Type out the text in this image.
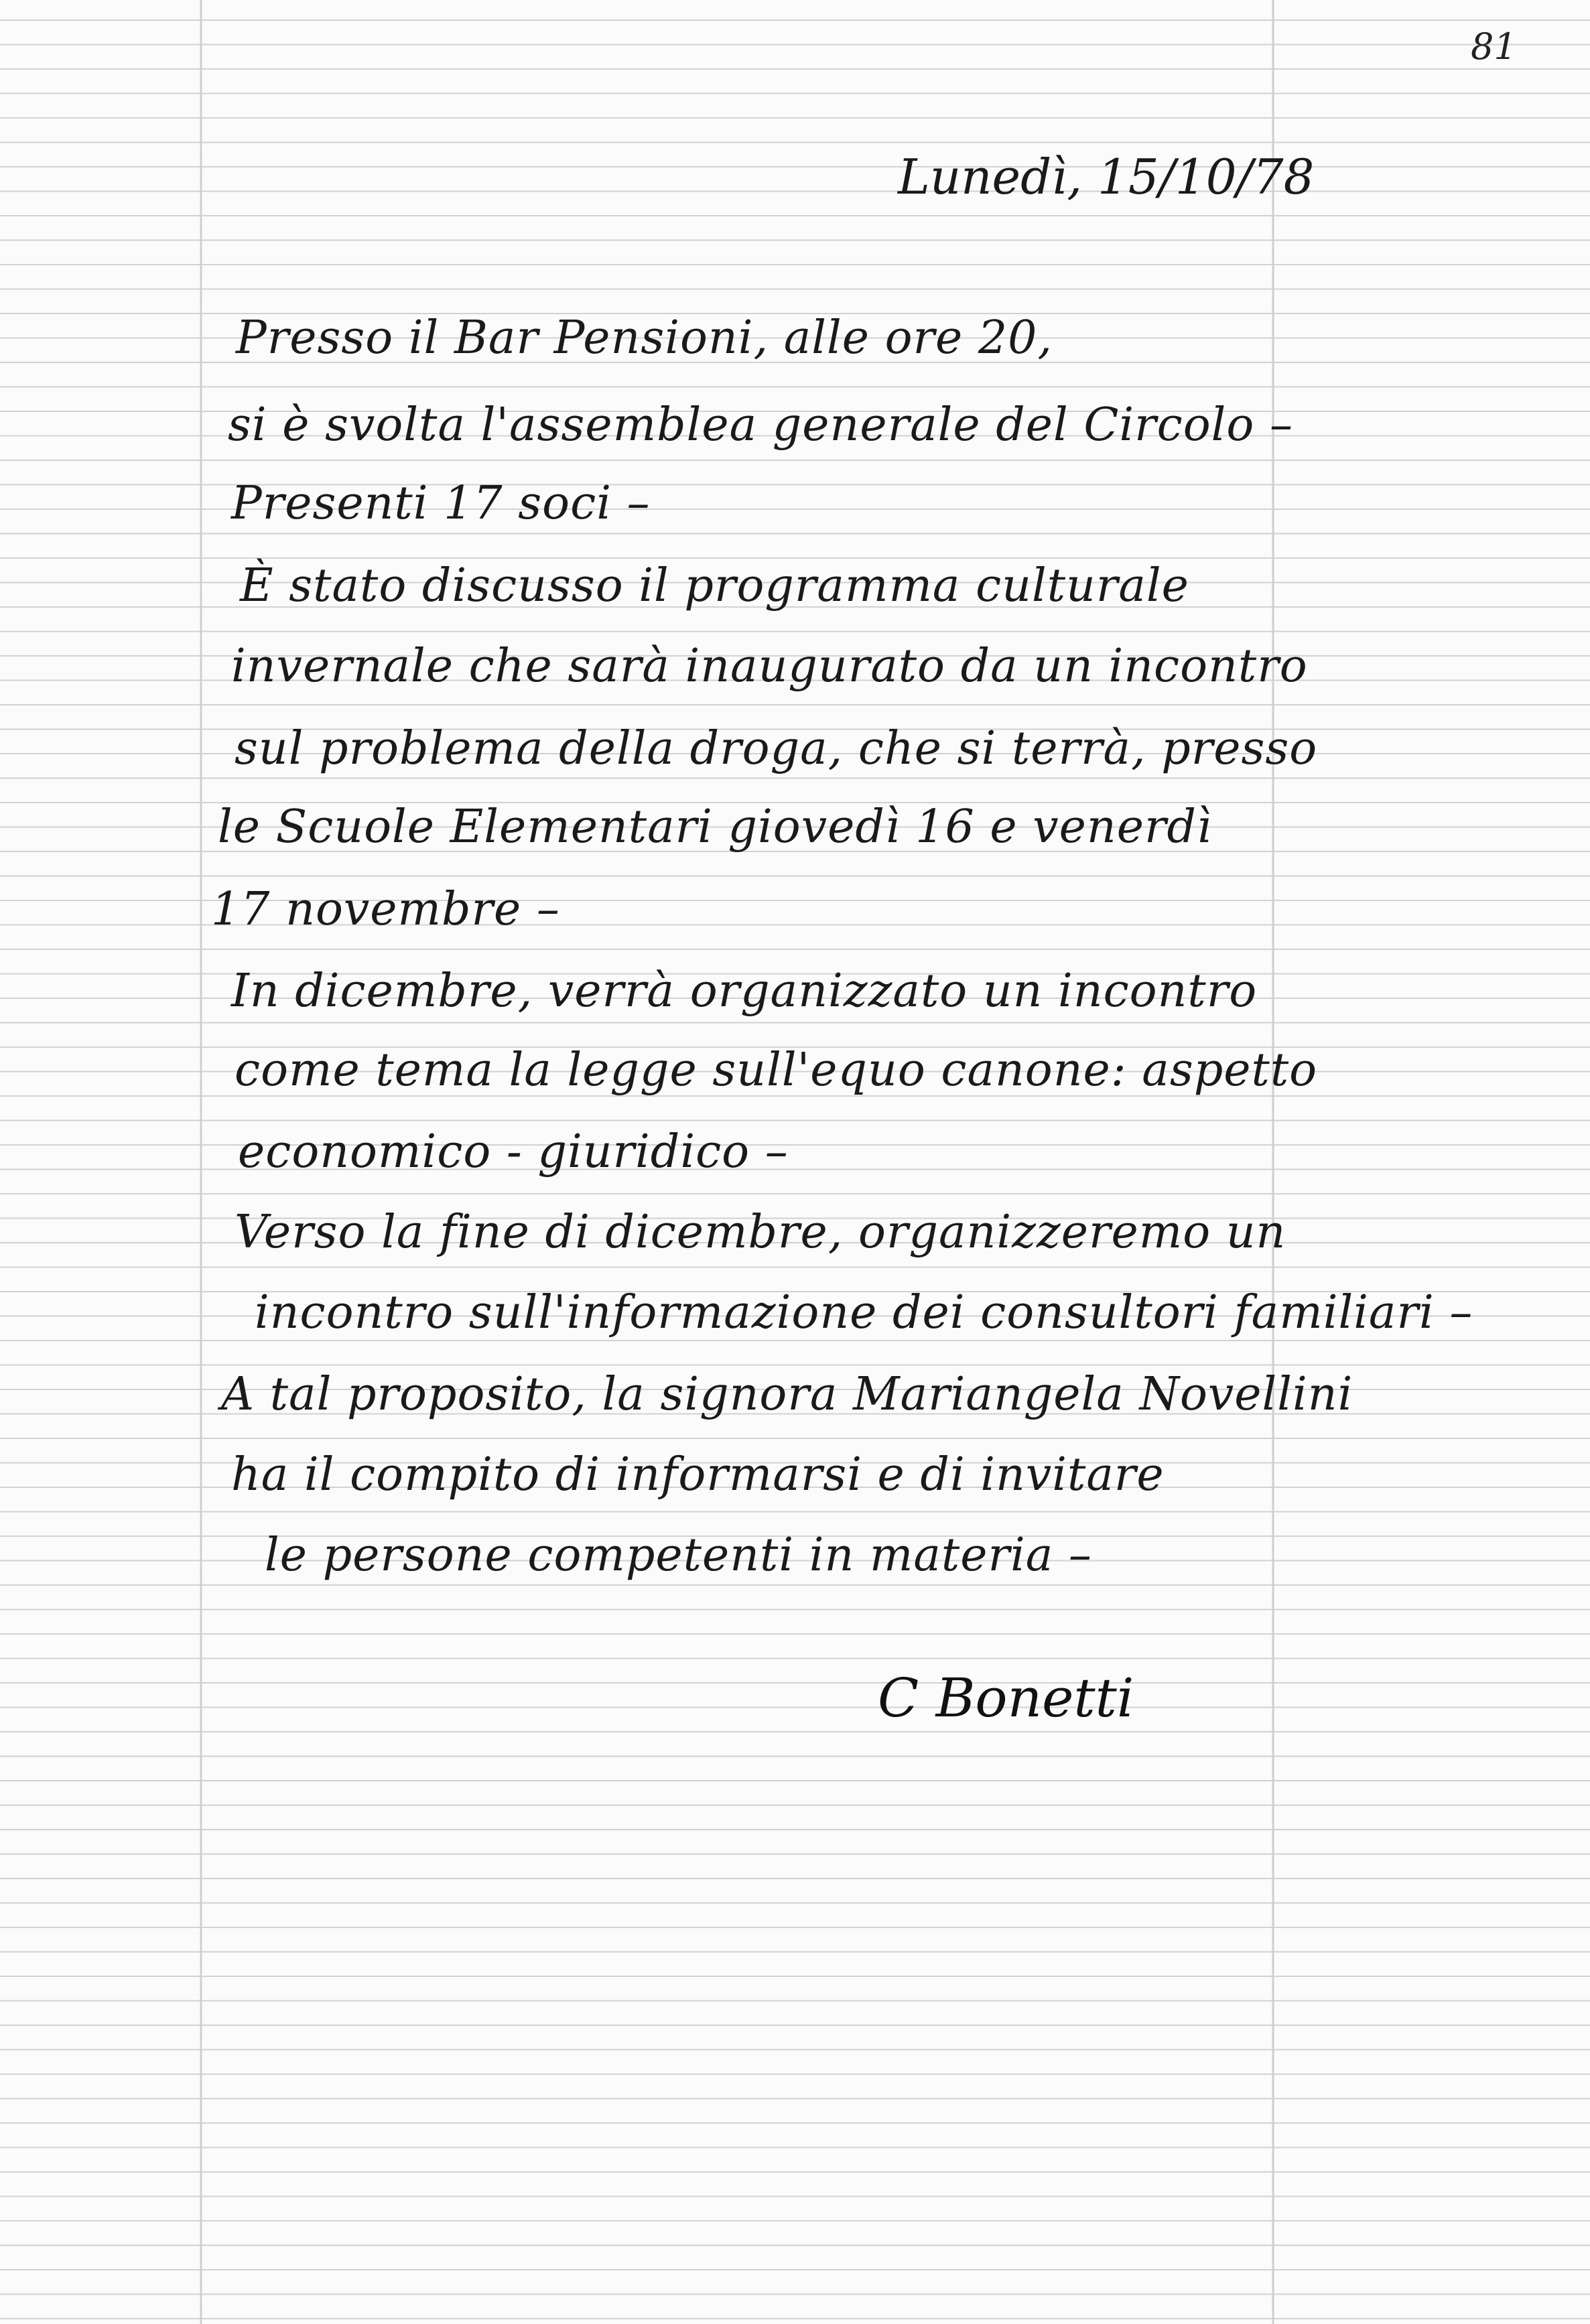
81
Lunedì, 15/10/78
Presso il Bar Pensioni, alle ore 20,
si è svolta l'assemblea generale del Circolo –
Presenti 17 soci –
È stato discusso il programma culturale
invernale che sarà inaugurato da un incontro
sul problema della droga, che si terrà, presso
le Scuole Elementari giovedì 16 e venerdì
17 novembre –
In dicembre, verrà organizzato un incontro
come tema la legge sull'equo canone: aspetto
economico - giuridico –
Verso la fine di dicembre, organizzeremo un
incontro sull'informazione dei consultori familiari –
A tal proposito, la signora Mariangela Novellini
ha il compito di informarsi e di invitare
le persone competenti in materia –
C Bonetti
